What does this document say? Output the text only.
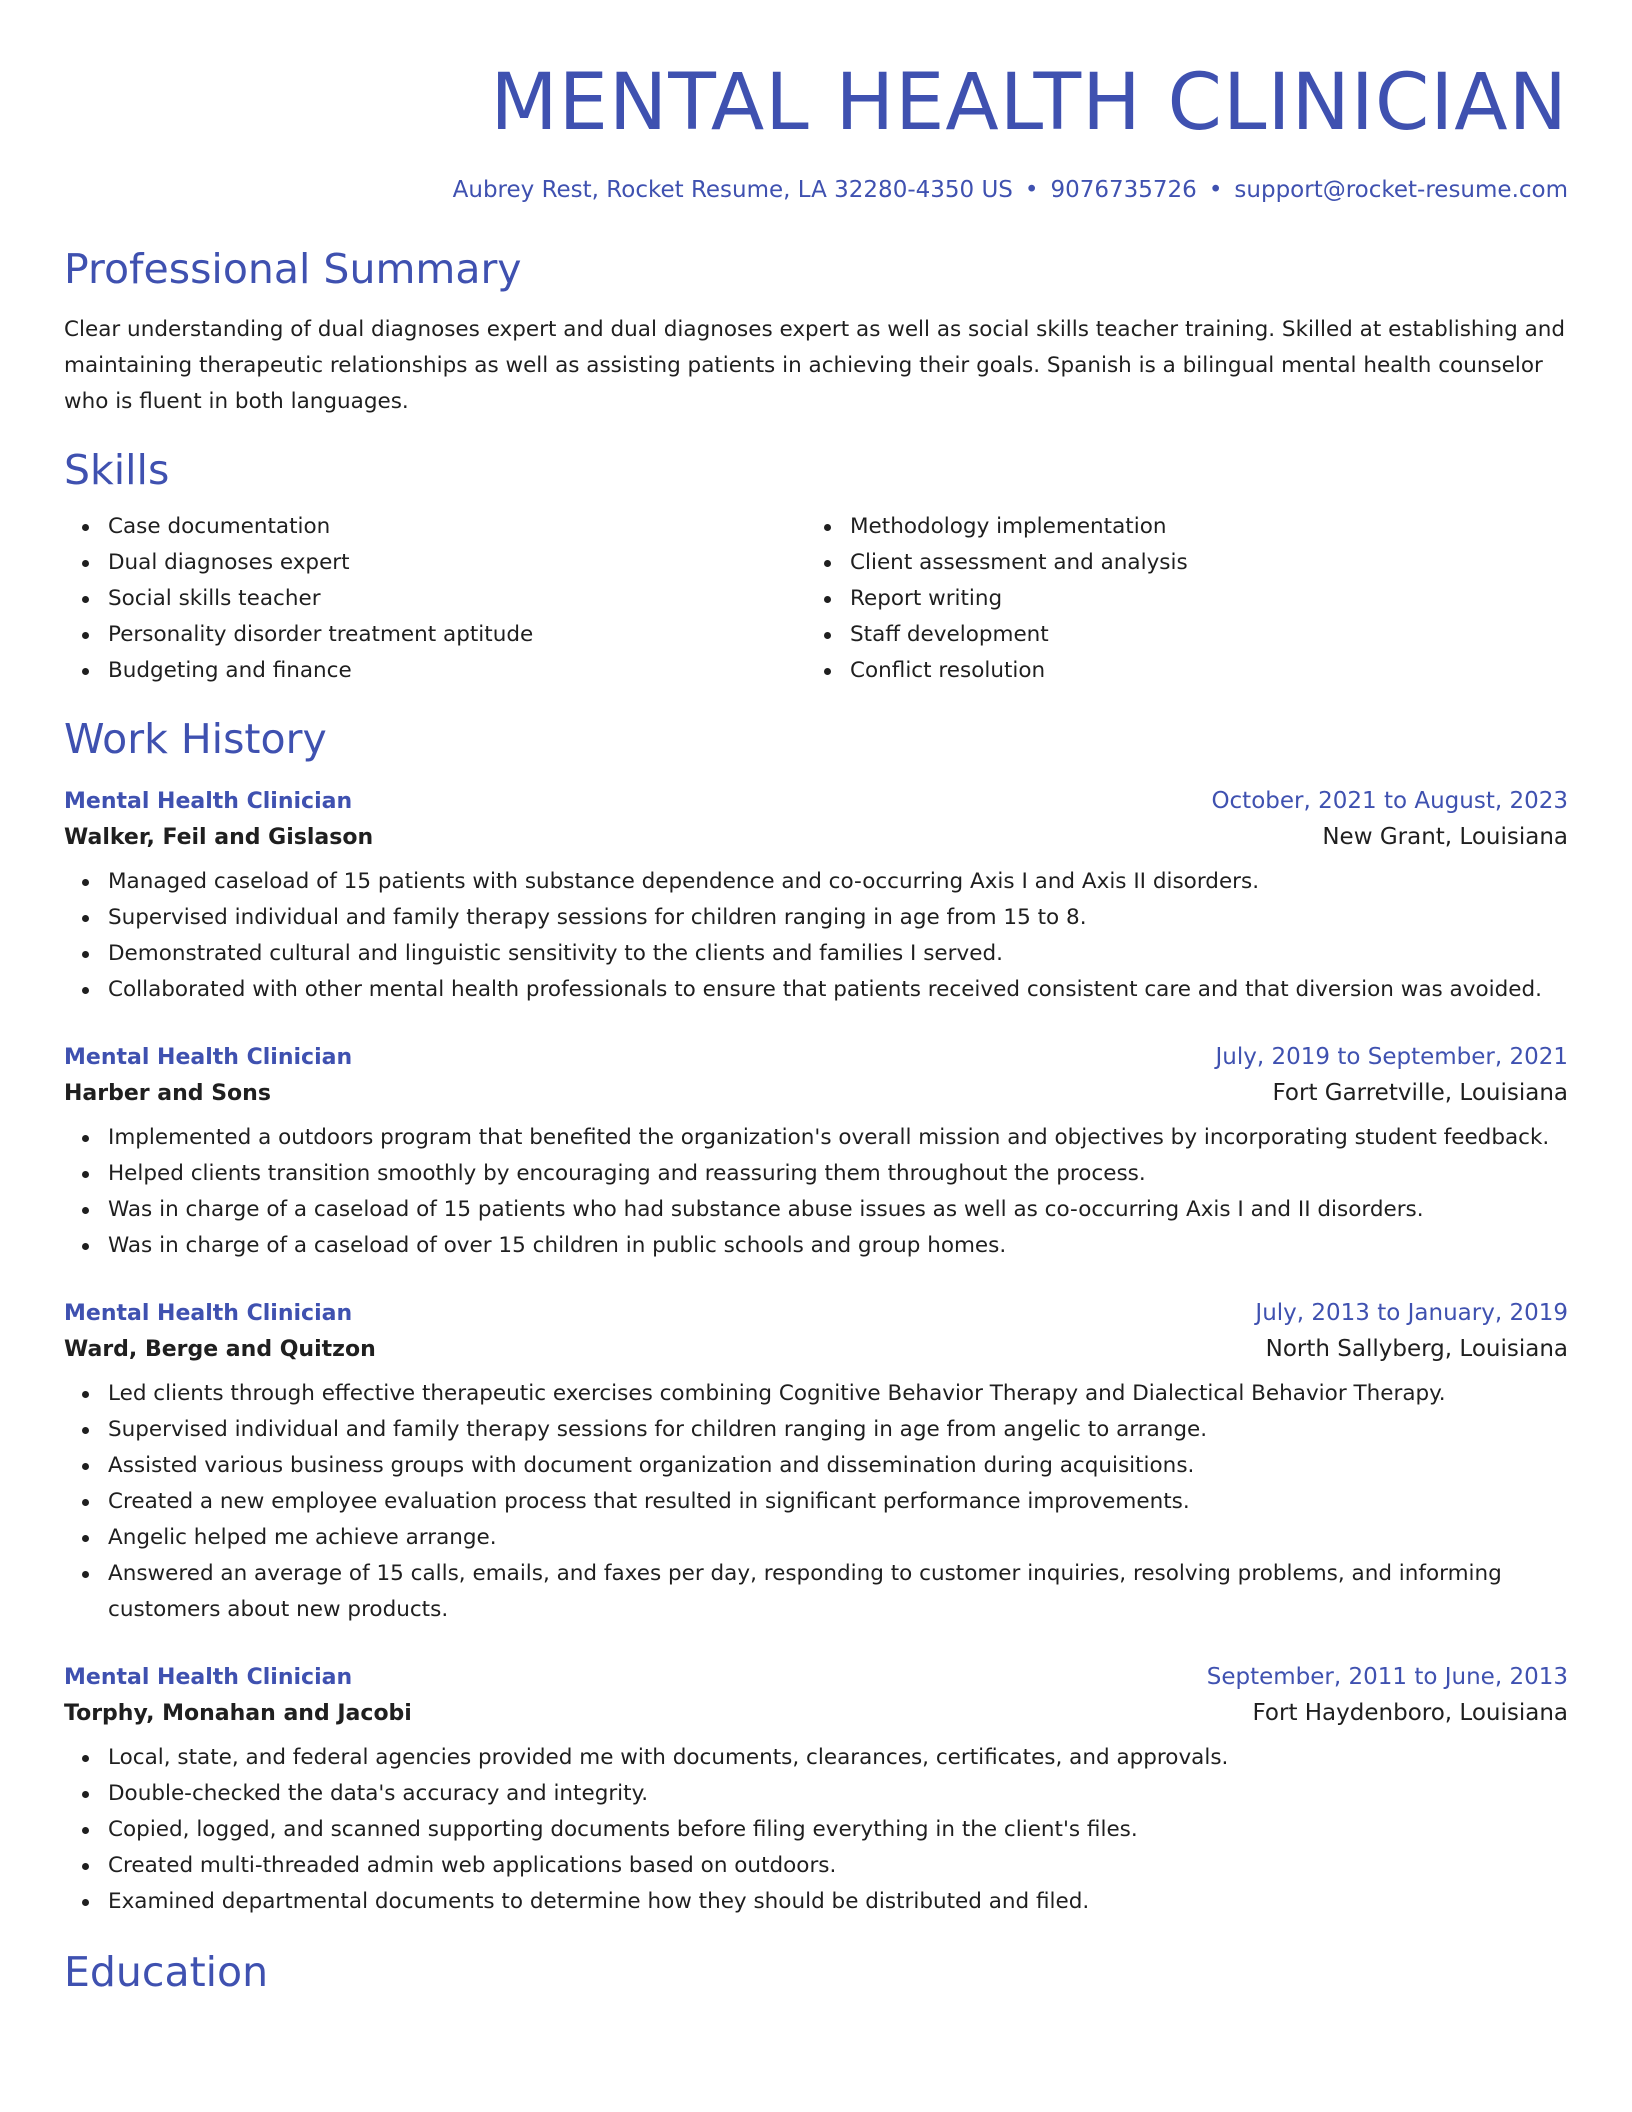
MENTAL HEALTH CLINICIAN
Aubrey Rest, Rocket Resume, LA 32280-4350 US • 9076735726 • support@rocket-resume.com
Professional Summary
Clear understanding of dual diagnoses expert and dual diagnoses expert as well as social skills teacher training. Skilled at establishing and maintaining therapeutic relationships as well as assisting patients in achieving their goals. Spanish is a bilingual mental health counselor who is fluent in both languages.
Skills
Case documentation
Dual diagnoses expert
Social skills teacher
Personality disorder treatment aptitude
Budgeting and finance
Methodology implementation
Client assessment and analysis
Report writing
Staff development
Conflict resolution
Work History
Mental Health Clinician	October, 2021 to August, 2023
Walker, Feil and Gislason	New Grant, Louisiana
Managed caseload of 15 patients with substance dependence and co-occurring Axis I and Axis II disorders.
Supervised individual and family therapy sessions for children ranging in age from 15 to 8.
Demonstrated cultural and linguistic sensitivity to the clients and families I served.
Collaborated with other mental health professionals to ensure that patients received consistent care and that diversion was avoided.
Mental Health Clinician	July, 2019 to September, 2021
Harber and Sons	Fort Garretville, Louisiana
Implemented a outdoors program that benefited the organization's overall mission and objectives by incorporating student feedback.
Helped clients transition smoothly by encouraging and reassuring them throughout the process.
Was in charge of a caseload of 15 patients who had substance abuse issues as well as co-occurring Axis I and II disorders.
Was in charge of a caseload of over 15 children in public schools and group homes.
Mental Health Clinician	July, 2013 to January, 2019
Ward, Berge and Quitzon	North Sallyberg, Louisiana
Led clients through effective therapeutic exercises combining Cognitive Behavior Therapy and Dialectical Behavior Therapy.
Supervised individual and family therapy sessions for children ranging in age from angelic to arrange.
Assisted various business groups with document organization and dissemination during acquisitions.
Created a new employee evaluation process that resulted in significant performance improvements.
Angelic helped me achieve arrange.
Answered an average of 15 calls, emails, and faxes per day, responding to customer inquiries, resolving problems, and informing customers about new products.
Mental Health Clinician	September, 2011 to June, 2013
Torphy, Monahan and Jacobi	Fort Haydenboro, Louisiana
Local, state, and federal agencies provided me with documents, clearances, certificates, and approvals.
Double-checked the data's accuracy and integrity.
Copied, logged, and scanned supporting documents before filing everything in the client's files.
Created multi-threaded admin web applications based on outdoors.
Examined departmental documents to determine how they should be distributed and filed.
Education
